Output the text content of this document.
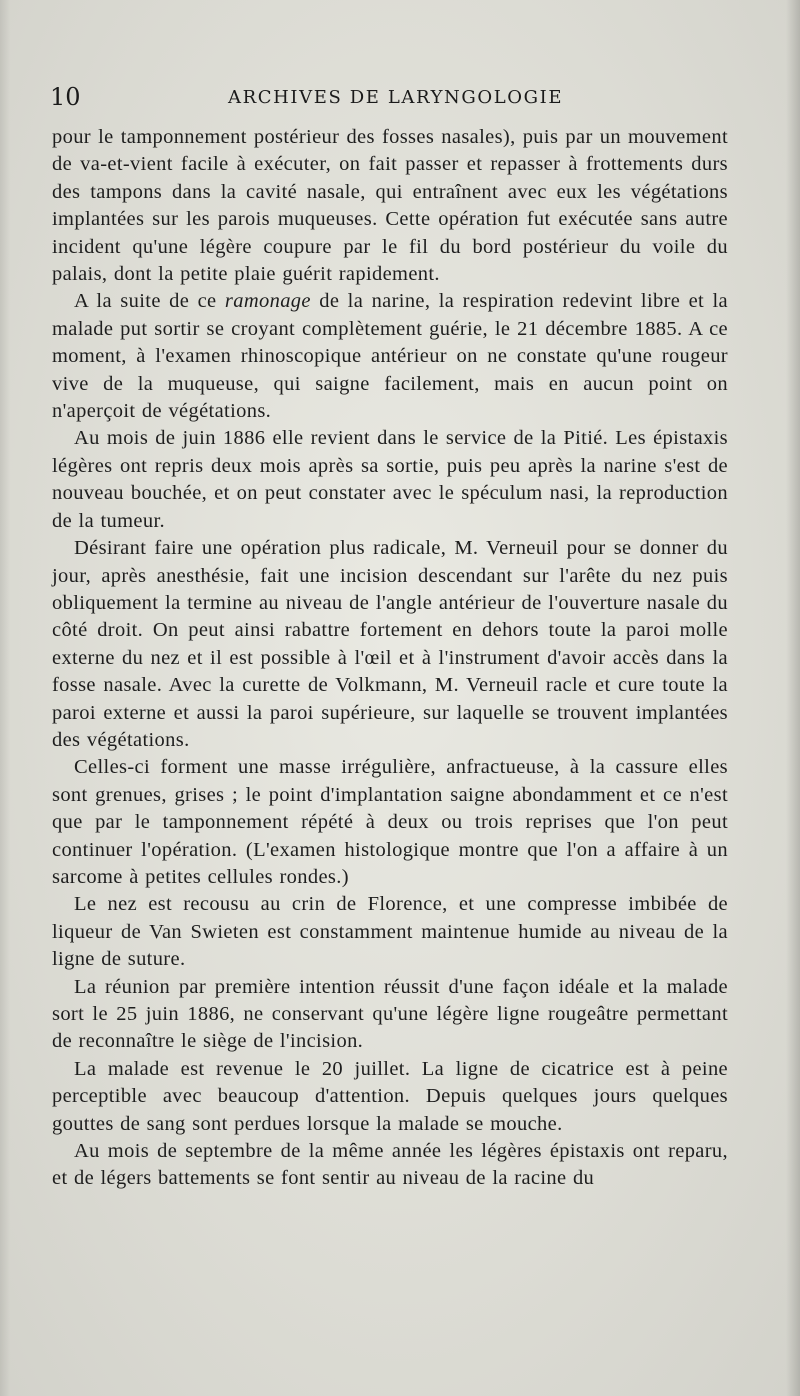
10	ARCHIVES DE LARYNGOLOGIE

pour le tamponnement postérieur des fosses nasales), puis par un mouvement de va-et-vient facile à exécuter, on fait passer et repasser à frottements durs des tampons dans la cavité nasale, qui entraînent avec eux les végétations implantées sur les parois muqueuses. Cette opération fut exécutée sans autre incident qu'une légère coupure par le fil du bord postérieur du voile du palais, dont la petite plaie guérit rapidement.

A la suite de ce ramonage de la narine, la respiration redevint libre et la malade put sortir se croyant complètement guérie, le 21 décembre 1885. A ce moment, à l'examen rhinoscopique antérieur on ne constate qu'une rougeur vive de la muqueuse, qui saigne facilement, mais en aucun point on n'aperçoit de végétations.

Au mois de juin 1886 elle revient dans le service de la Pitié. Les épistaxis légères ont repris deux mois après sa sortie, puis peu après la narine s'est de nouveau bouchée, et on peut constater avec le spéculum nasi, la reproduction de la tumeur.

Désirant faire une opération plus radicale, M. Verneuil pour se donner du jour, après anesthésie, fait une incision descendant sur l'arête du nez puis obliquement la termine au niveau de l'angle antérieur de l'ouverture nasale du côté droit. On peut ainsi rabattre fortement en dehors toute la paroi molle externe du nez et il est possible à l'œil et à l'instrument d'avoir accès dans la fosse nasale. Avec la curette de Volkmann, M. Verneuil racle et cure toute la paroi externe et aussi la paroi supérieure, sur laquelle se trouvent implantées des végétations.

Celles-ci forment une masse irrégulière, anfractueuse, à la cassure elles sont grenues, grises ; le point d'implantation saigne abondamment et ce n'est que par le tamponnement répété à deux ou trois reprises que l'on peut continuer l'opération. (L'examen histologique montre que l'on a affaire à un sarcome à petites cellules rondes.)

Le nez est recousu au crin de Florence, et une compresse imbibée de liqueur de Van Swieten est constamment maintenue humide au niveau de la ligne de suture.

La réunion par première intention réussit d'une façon idéale et la malade sort le 25 juin 1886, ne conservant qu'une légère ligne rougeâtre permettant de reconnaître le siège de l'incision.

La malade est revenue le 20 juillet. La ligne de cicatrice est à peine perceptible avec beaucoup d'attention. Depuis quelques jours quelques gouttes de sang sont perdues lorsque la malade se mouche.

Au mois de septembre de la même année les légères épistaxis ont reparu, et de légers battements se font sentir au niveau de la racine du
